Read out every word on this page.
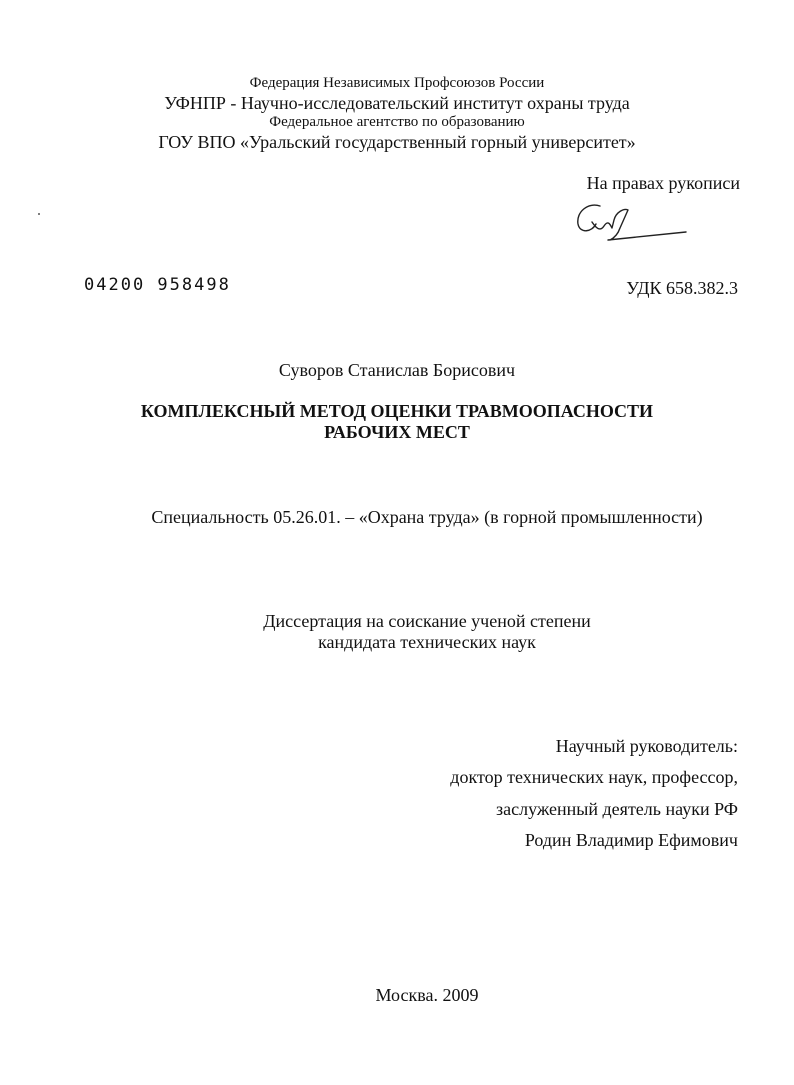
Федерация Независимых Профсоюзов России
УФНПР - Научно-исследовательский институт охраны труда
Федеральное агентство по образованию
ГОУ ВПО «Уральский государственный горный университет»
На правах рукописи
04200 958498	УДК 658.382.3
Суворов Станислав Борисович
КОМПЛЕКСНЫЙ МЕТОД ОЦЕНКИ ТРАВМООПАСНОСТИ
РАБОЧИХ МЕСТ
Специальность 05.26.01. – «Охрана труда» (в горной промышленности)
Диссертация на соискание ученой степени
кандидата технических наук
Научный руководитель:
доктор технических наук, профессор,
заслуженный деятель науки РФ
Родин Владимир Ефимович
Москва. 2009
